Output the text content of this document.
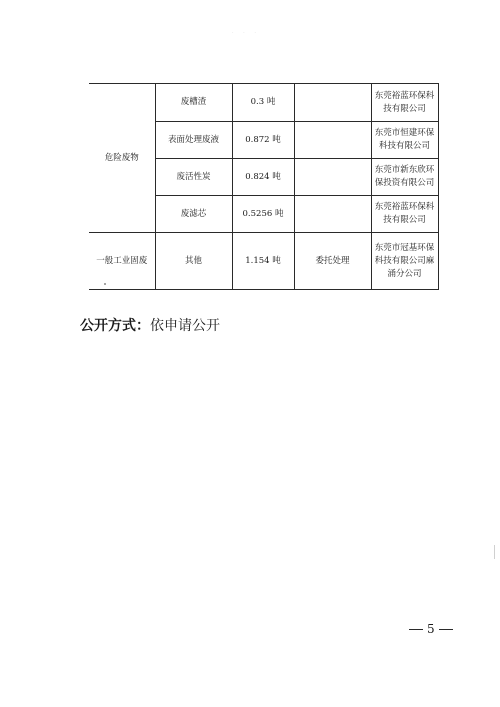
· · ·
危险废物	废槽渣	0.3 吨		东莞裕蓝环保科技有限公司
	表面处理废液	0.872 吨		东莞市恒建环保科技有限公司
	废活性炭	0.824 吨		东莞市新东欣环保投资有限公司
	废滤芯	0.5256 吨		东莞裕蓝环保科技有限公司
一般工业固废	其他	1.154 吨	委托处理	东莞市冠基环保科技有限公司麻涌分公司
公开方式：依申请公开
5
